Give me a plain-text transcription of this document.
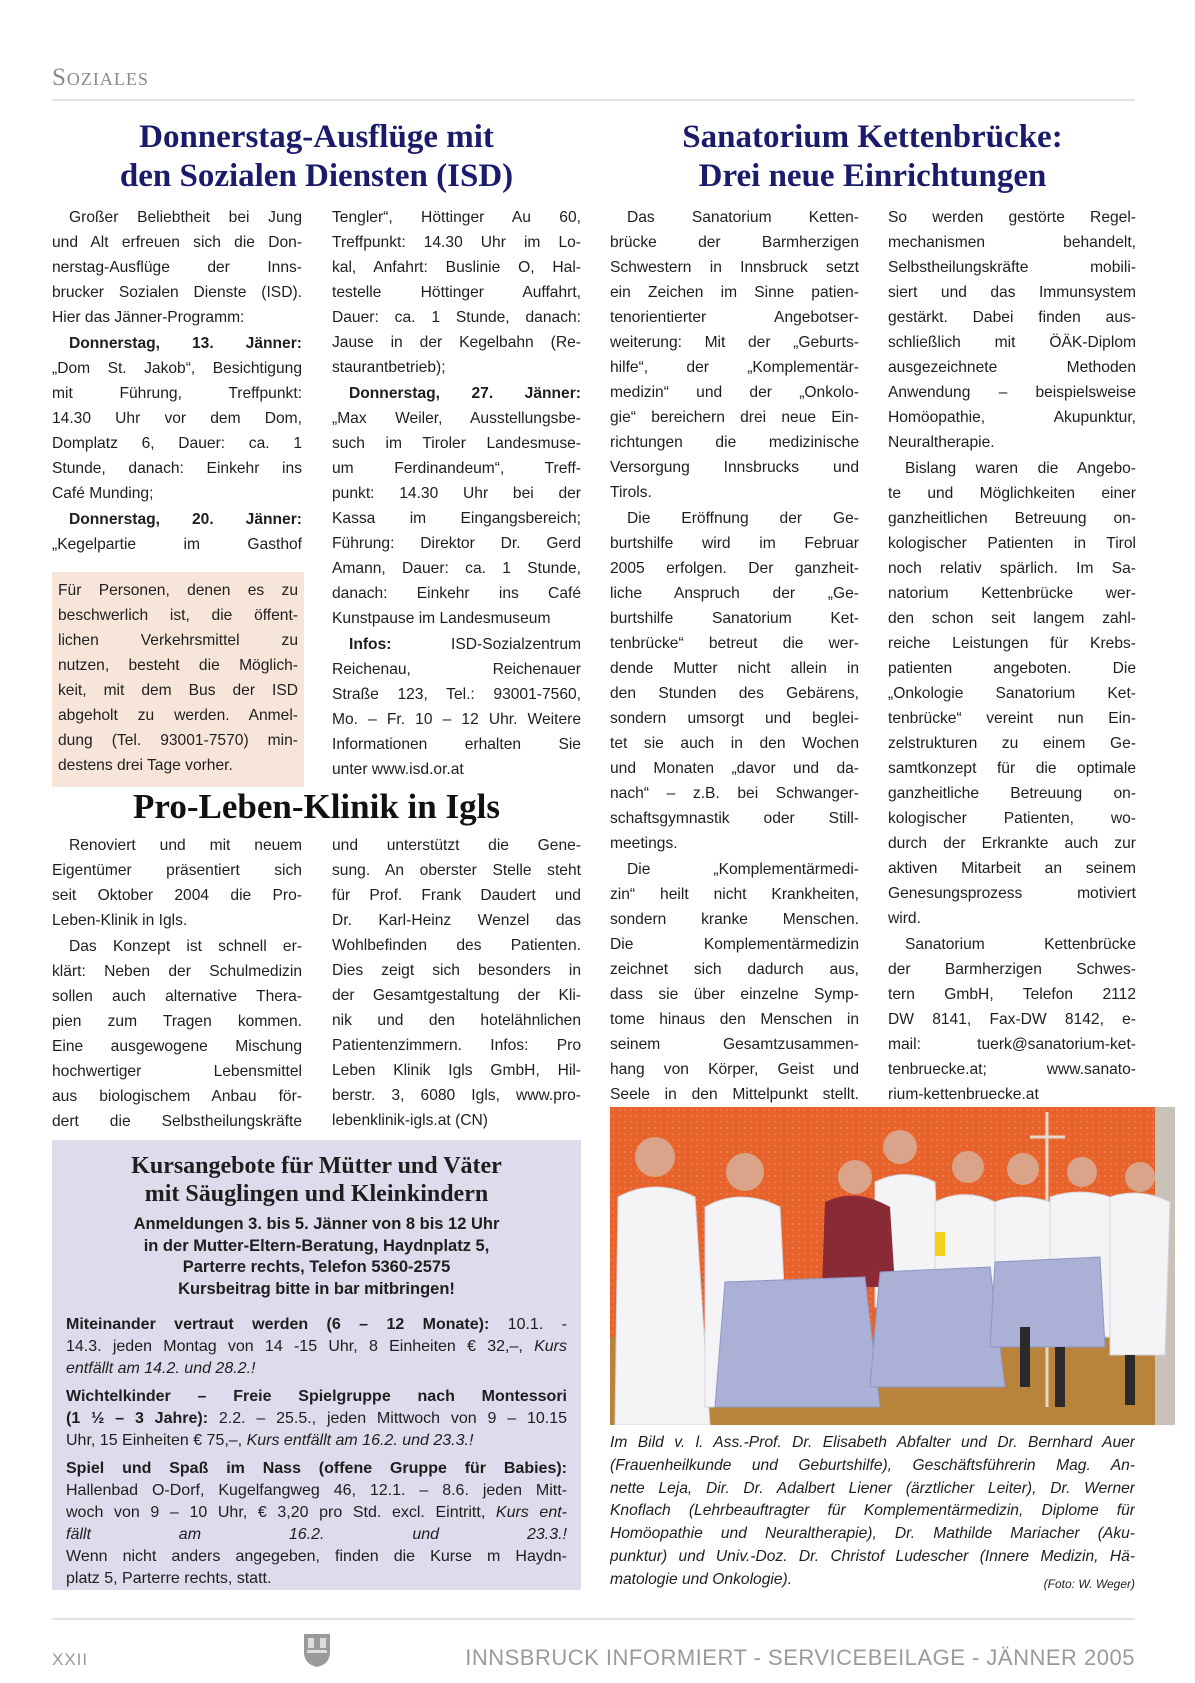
Soziales
Donnerstag-Ausflüge mit
den Sozialen Diensten (ISD)
Großer Beliebtheit bei Jung
und Alt erfreuen sich die Don-
nerstag-Ausflüge der Inns-
brucker Sozialen Dienste (ISD).
Hier das Jänner-Programm:
Donnerstag, 13. Jänner:
„Dom St. Jakob“, Besichtigung
mit Führung, Treffpunkt:
14.30 Uhr vor dem Dom,
Domplatz 6, Dauer: ca. 1
Stunde, danach: Einkehr ins
Café Munding;
Donnerstag, 20. Jänner:
„Kegelpartie im Gasthof
Tengler“, Höttinger Au 60,
Treffpunkt: 14.30 Uhr im Lo-
kal, Anfahrt: Buslinie O, Hal-
testelle Höttinger Auffahrt,
Dauer: ca. 1 Stunde, danach:
Jause in der Kegelbahn (Re-
staurantbetrieb);
Donnerstag, 27. Jänner:
„Max Weiler, Ausstellungsbe-
such im Tiroler Landesmuse-
um Ferdinandeum“, Treff-
punkt: 14.30 Uhr bei der
Kassa im Eingangsbereich;
Führung: Direktor Dr. Gerd
Amann, Dauer: ca. 1 Stunde,
danach: Einkehr ins Café
Kunstpause im Landesmuseum
Infos: ISD-Sozialzentrum
Reichenau, Reichenauer
Straße 123, Tel.: 93001-7560,
Mo. – Fr. 10 – 12 Uhr. Weitere
Informationen erhalten Sie
unter www.isd.or.at
Für Personen, denen es zu
beschwerlich ist, die öffent-
lichen Verkehrsmittel zu
nutzen, besteht die Möglich-
keit, mit dem Bus der ISD
abgeholt zu werden. Anmel-
dung (Tel. 93001-7570) min-
destens drei Tage vorher.
Pro-Leben-Klinik in Igls
Renoviert und mit neuem
Eigentümer präsentiert sich
seit Oktober 2004 die Pro-
Leben-Klinik in Igls.
Das Konzept ist schnell er-
klärt: Neben der Schulmedizin
sollen auch alternative Thera-
pien zum Tragen kommen.
Eine ausgewogene Mischung
hochwertiger Lebensmittel
aus biologischem Anbau för-
dert die Selbstheilungskräfte
und unterstützt die Gene-
sung. An oberster Stelle steht
für Prof. Frank Daudert und
Dr. Karl-Heinz Wenzel das
Wohlbefinden des Patienten.
Dies zeigt sich besonders in
der Gesamtgestaltung der Kli-
nik und den hotelähnlichen
Patientenzimmern. Infos: Pro
Leben Klinik Igls GmbH, Hil-
berstr. 3, 6080 Igls, www.pro-
lebenklinik-igls.at (CN)
Kursangebote für Mütter und Väter
mit Säuglingen und Kleinkindern
Anmeldungen 3. bis 5. Jänner von 8 bis 12 Uhr
in der Mutter-Eltern-Beratung, Haydnplatz 5,
Parterre rechts, Telefon 5360-2575
Kursbeitrag bitte in bar mitbringen!
Miteinander vertraut werden (6 – 12 Monate): 10.1. -
14.3. jeden Montag von 14 -15 Uhr, 8 Einheiten € 32,–, Kurs
entfällt am 14.2. und 28.2.!
Wichtelkinder – Freie Spielgruppe nach Montessori
(1 ½ – 3 Jahre): 2.2. – 25.5., jeden Mittwoch von 9 – 10.15
Uhr, 15 Einheiten € 75,–, Kurs entfällt am 16.2. und 23.3.!
Spiel und Spaß im Nass (offene Gruppe für Babies):
Hallenbad O-Dorf, Kugelfangweg 46, 12.1. – 8.6. jeden Mitt-
woch von 9 – 10 Uhr, € 3,20 pro Std. excl. Eintritt, Kurs ent-
fällt am 16.2. und 23.3.!
Wenn nicht anders angegeben, finden die Kurse m Haydn-
platz 5, Parterre rechts, statt.
Sanatorium Kettenbrücke:
Drei neue Einrichtungen
Das Sanatorium Ketten-
brücke der Barmherzigen
Schwestern in Innsbruck setzt
ein Zeichen im Sinne patien-
tenorientierter Angebotser-
weiterung: Mit der „Geburts-
hilfe“, der „Komplementär-
medizin“ und der „Onkolo-
gie“ bereichern drei neue Ein-
richtungen die medizinische
Versorgung Innsbrucks und
Tirols.
Die Eröffnung der Ge-
burtshilfe wird im Februar
2005 erfolgen. Der ganzheit-
liche Anspruch der „Ge-
burtshilfe Sanatorium Ket-
tenbrücke“ betreut die wer-
dende Mutter nicht allein in
den Stunden des Gebärens,
sondern umsorgt und beglei-
tet sie auch in den Wochen
und Monaten „davor und da-
nach“ – z.B. bei Schwanger-
schaftsgymnastik oder Still-
meetings.
Die „Komplementärmedi-
zin“ heilt nicht Krankheiten,
sondern kranke Menschen.
Die Komplementärmedizin
zeichnet sich dadurch aus,
dass sie über einzelne Symp-
tome hinaus den Menschen in
seinem Gesamtzusammen-
hang von Körper, Geist und
Seele in den Mittelpunkt stellt.
So werden gestörte Regel-
mechanismen behandelt,
Selbstheilungskräfte mobili-
siert und das Immunsystem
gestärkt. Dabei finden aus-
schließlich mit ÖÄK-Diplom
ausgezeichnete Methoden
Anwendung – beispielsweise
Homöopathie, Akupunktur,
Neuraltherapie.
Bislang waren die Angebo-
te und Möglichkeiten einer
ganzheitlichen Betreuung on-
kologischer Patienten in Tirol
noch relativ spärlich. Im Sa-
natorium Kettenbrücke wer-
den schon seit langem zahl-
reiche Leistungen für Krebs-
patienten angeboten. Die
„Onkologie Sanatorium Ket-
tenbrücke“ vereint nun Ein-
zelstrukturen zu einem Ge-
samtkonzept für die optimale
ganzheitliche Betreuung on-
kologischer Patienten, wo-
durch der Erkrankte auch zur
aktiven Mitarbeit an seinem
Genesungsprozess motiviert
wird.
Sanatorium Kettenbrücke
der Barmherzigen Schwes-
tern GmbH, Telefon 2112
DW 8141, Fax-DW 8142, e-
mail: tuerk@sanatorium-ket-
tenbruecke.at; www.sanato-
rium-kettenbruecke.at
Im Bild v. l. Ass.-Prof. Dr. Elisabeth Abfalter und Dr. Bernhard Auer
(Frauenheilkunde und Geburtshilfe), Geschäftsführerin Mag. An-
nette Leja, Dir. Dr. Adalbert Liener (ärztlicher Leiter), Dr. Werner
Knoflach (Lehrbeauftragter für Komplementärmedizin, Diplome für
Homöopathie und Neuraltherapie), Dr. Mathilde Mariacher (Aku-
punktur) und Univ.-Doz. Dr. Christof Ludescher (Innere Medizin, Hä-
matologie und Onkologie).	(Foto: W. Weger)
XXII	INNSBRUCK INFORMIERT - SERVICEBEILAGE - JÄNNER 2005
